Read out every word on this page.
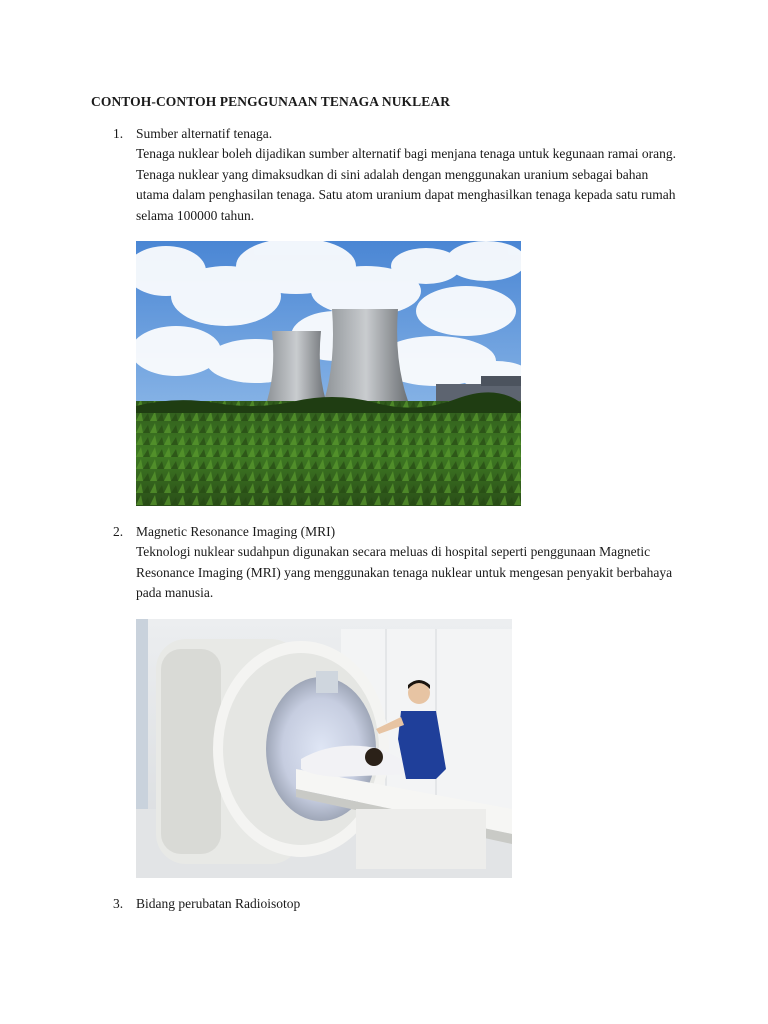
CONTOH-CONTOH PENGGUNAAN TENAGA NUKLEAR
1. Sumber alternatif tenaga.
Tenaga nuklear boleh dijadikan sumber alternatif bagi menjana tenaga untuk kegunaan ramai orang. Tenaga nuklear yang dimaksudkan di sini adalah dengan menggunakan uranium sebagai bahan utama dalam penghasilan tenaga. Satu atom uranium dapat menghasilkan tenaga kepada satu rumah selama 100000 tahun.
2. Magnetic Resonance Imaging (MRI)
Teknologi nuklear sudahpun digunakan secara meluas di hospital seperti penggunaan Magnetic Resonance Imaging (MRI) yang menggunakan tenaga nuklear untuk mengesan penyakit berbahaya pada manusia.
3. Bidang perubatan Radioisotop
